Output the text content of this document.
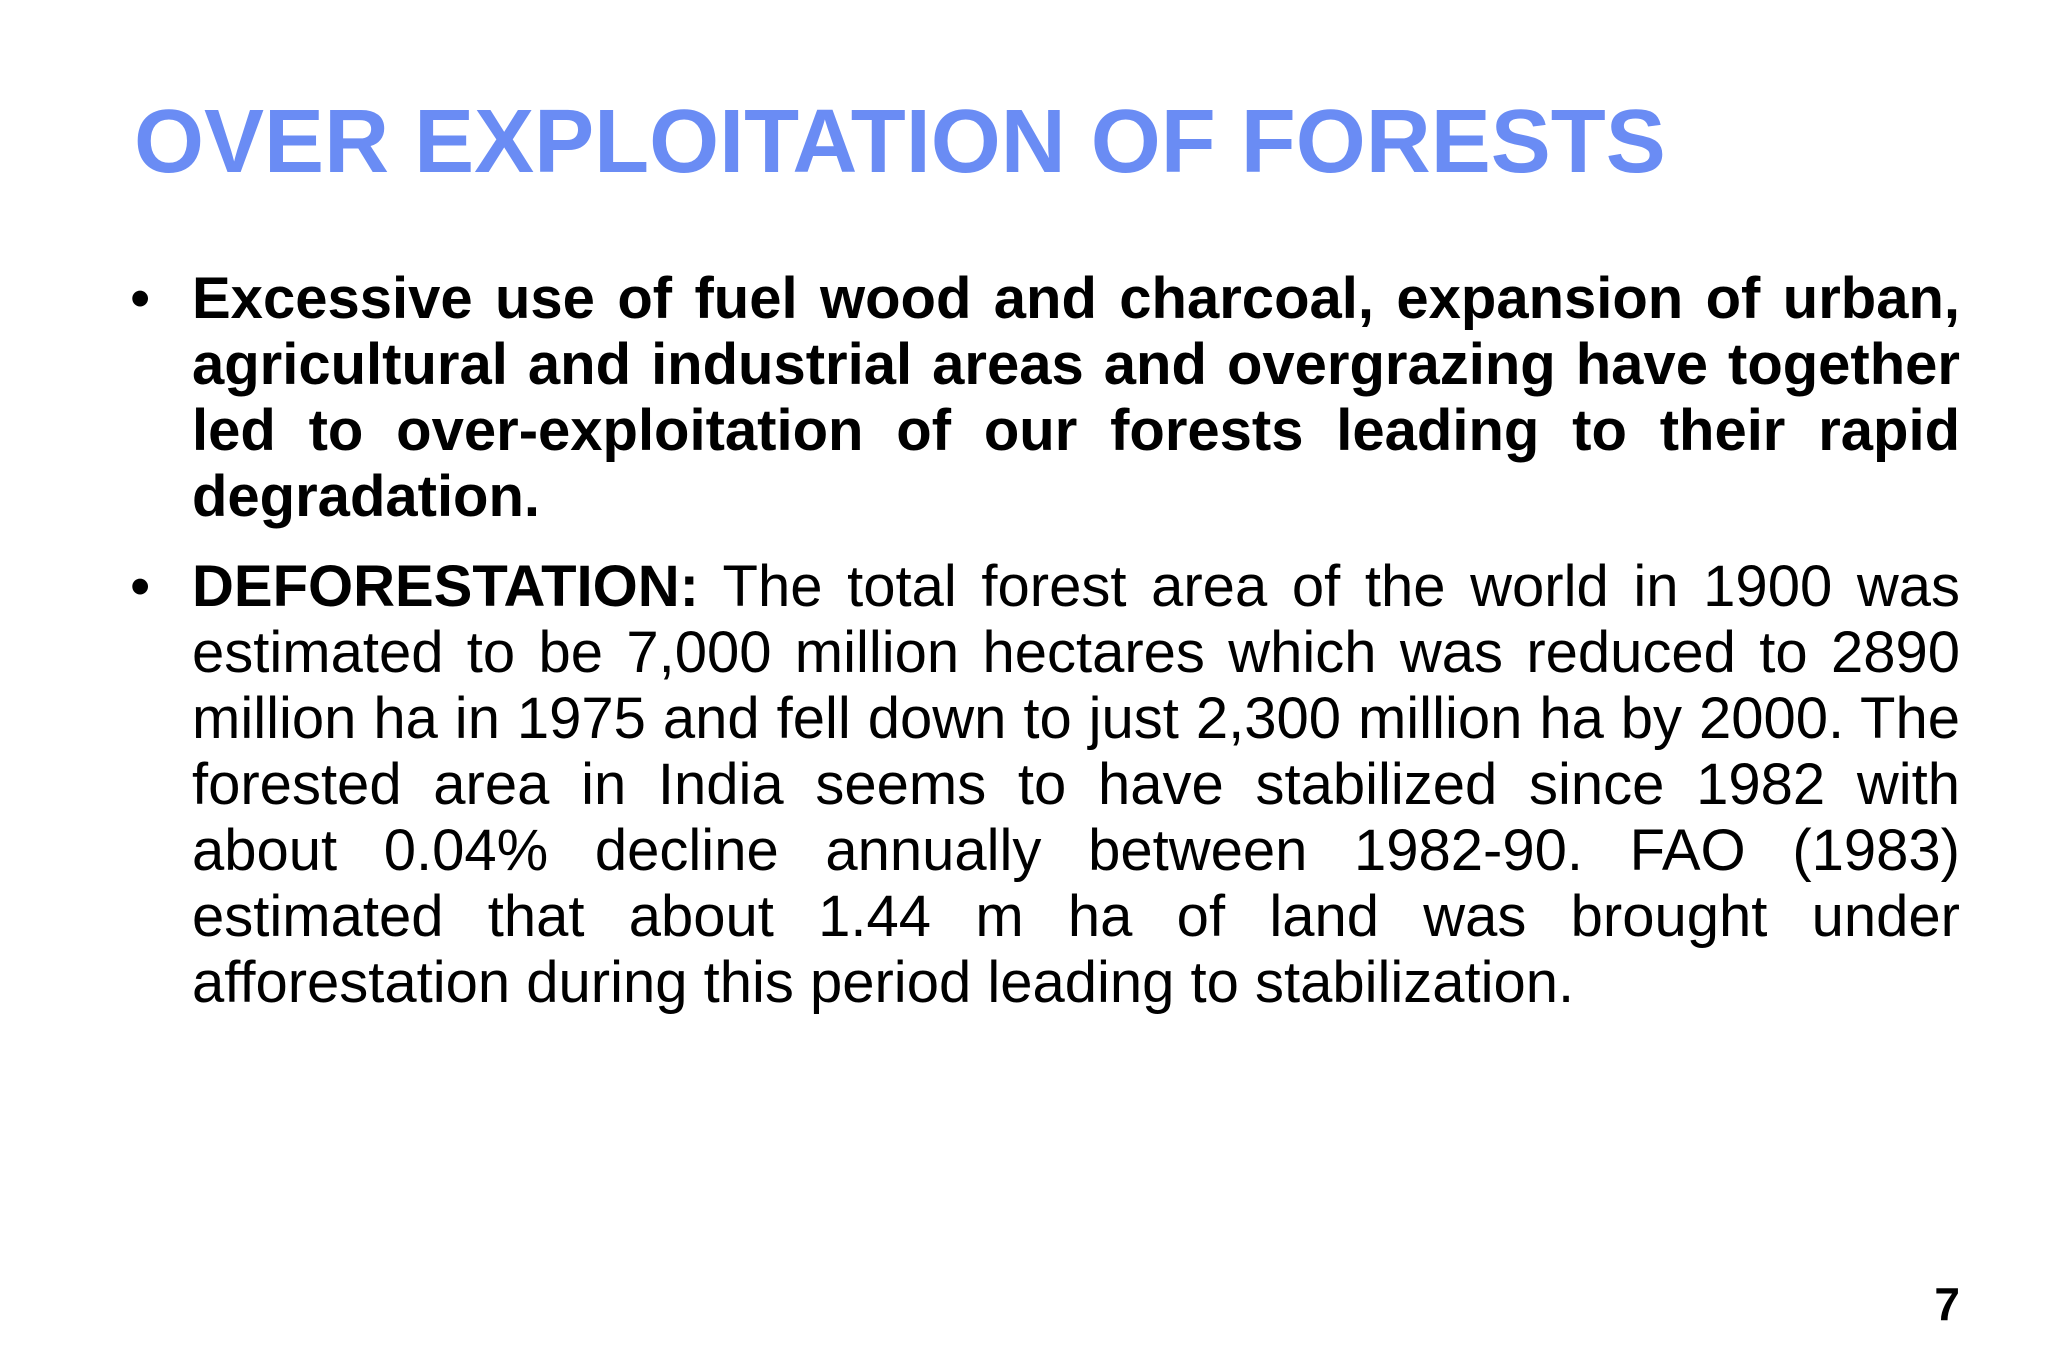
OVER EXPLOITATION OF FORESTS
• Excessive use of fuel wood and charcoal, expansion of urban, agricultural and industrial areas and overgrazing have together led to over-exploitation of our forests leading to their rapid degradation.
• DEFORESTATION: The total forest area of the world in 1900 was estimated to be 7,000 million hectares which was reduced to 2890 million ha in 1975 and fell down to just 2,300 million ha by 2000. The forested area in India seems to have stabilized since 1982 with about 0.04% decline annually between 1982-90. FAO (1983) estimated that about 1.44 m ha of land was brought under afforestation during this period leading to stabilization.
7
